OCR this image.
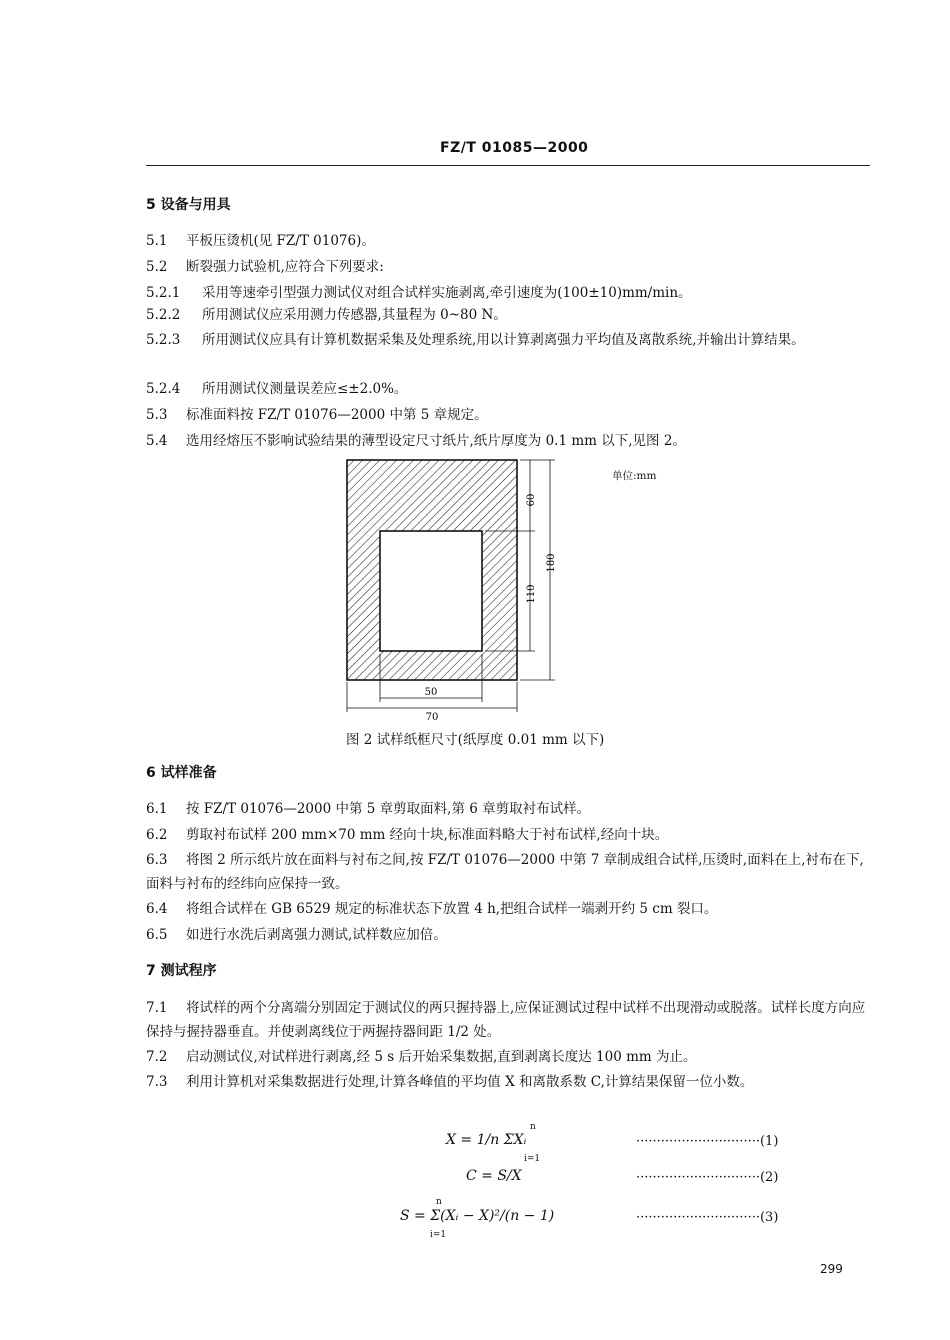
FZ/T 01085—2000
5 设备与用具
5.1 平板压烫机(见 FZ/T 01076)。
5.2 断裂强力试验机,应符合下列要求:
5.2.1 采用等速牵引型强力测试仪对组合试样实施剥离,牵引速度为(100±10)mm/min。
5.2.2 所用测试仪应采用测力传感器,其量程为 0~80 N。
5.2.3 所用测试仪应具有计算机数据采集及处理系统,用以计算剥离强力平均值及离散系统,并输出计算结果。
5.2.4 所用测试仪测量误差应≤±2.0%。
5.3 标准面料按 FZ/T 01076—2000 中第 5 章规定。
5.4 选用经熔压不影响试验结果的薄型设定尺寸纸片,纸片厚度为 0.1 mm 以下,见图 2。
单位:mm
60
110
180
50
70
图 2 试样纸框尺寸(纸厚度 0.01 mm 以下)
6 试样准备
6.1 按 FZ/T 01076—2000 中第 5 章剪取面料,第 6 章剪取衬布试样。
6.2 剪取衬布试样 200 mm×70 mm 经向十块,标准面料略大于衬布试样,经向十块。
6.3 将图 2 所示纸片放在面料与衬布之间,按 FZ/T 01076—2000 中第 7 章制成组合试样,压烫时,面料在上,衬布在下,面料与衬布的经纬向应保持一致。
6.4 将组合试样在 GB 6529 规定的标准状态下放置 4 h,把组合试样一端剥开约 5 cm 裂口。
6.5 如进行水洗后剥离强力测试,试样数应加倍。
7 测试程序
7.1 将试样的两个分离端分别固定于测试仪的两只握持器上,应保证测试过程中试样不出现滑动或脱落。试样长度方向应保持与握持器垂直。并使剥离线位于两握持器间距 1/2 处。
7.2 启动测试仪,对试样进行剥离,经 5 s 后开始采集数据,直到剥离长度达 100 mm 为止。
7.3 利用计算机对采集数据进行处理,计算各峰值的平均值 X 和离散系数 C,计算结果保留一位小数。
X = 1/n ΣXᵢ
n
i=1
······························(1)
C = S/X	······························(2)
S = Σ(Xᵢ − X)²/(n − 1)
n
i=1
······························(3)
299
